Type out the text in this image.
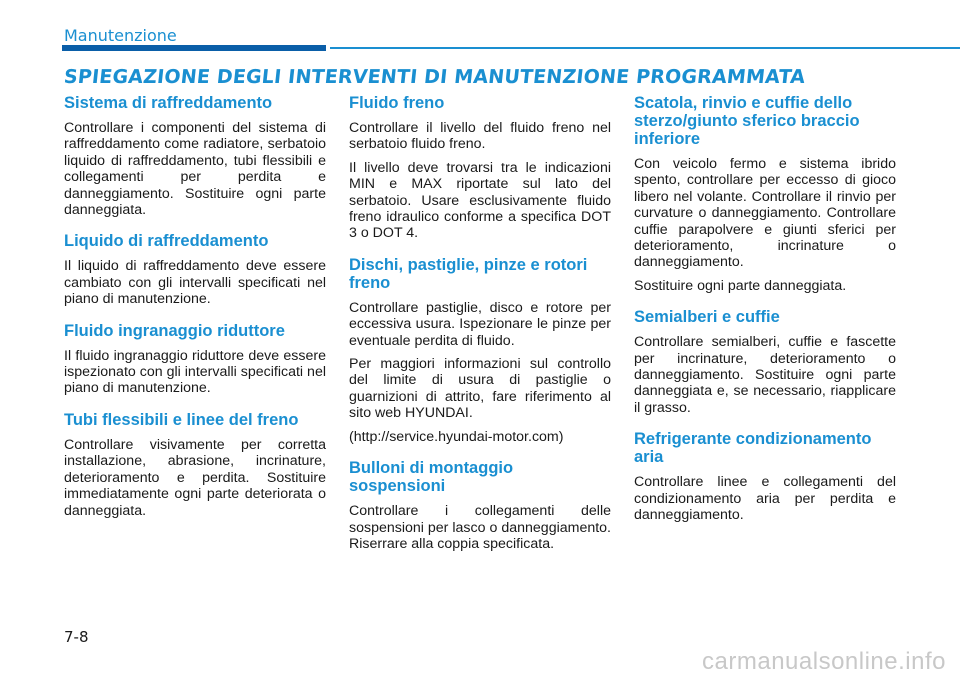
Manutenzione
SPIEGAZIONE DEGLI INTERVENTI DI MANUTENZIONE PROGRAMMATA
Sistema di raffreddamento

Controllare i componenti del sistema di raffreddamento come radiatore, serbatoio liquido di raffreddamento, tubi flessibili e collegamenti per perdita e danneggiamento. Sostituire ogni parte danneggiata.

Liquido di raffreddamento

Il liquido di raffreddamento deve essere cambiato con gli intervalli specificati nel piano di manutenzione.

Fluido ingranaggio riduttore

Il fluido ingranaggio riduttore deve essere ispezionato con gli intervalli specificati nel piano di manutenzione.

Tubi flessibili e linee del freno

Controllare visivamente per corretta installazione, abrasione, incrinature, deterioramento e perdita. Sostituire immediatamente ogni parte deteriorata o danneggiata.

Fluido freno

Controllare il livello del fluido freno nel serbatoio fluido freno.

Il livello deve trovarsi tra le indicazioni MIN e MAX riportate sul lato del serbatoio. Usare esclusivamente fluido freno idraulico conforme a specifica DOT 3 o DOT 4.

Dischi, pastiglie, pinze e rotori freno

Controllare pastiglie, disco e rotore per eccessiva usura. Ispezionare le pinze per eventuale perdita di fluido.

Per maggiori informazioni sul controllo del limite di usura di pastiglie o guarnizioni di attrito, fare riferimento al sito web HYUNDAI.

(http://service.hyundai-motor.com)

Bulloni di montaggio sospensioni

Controllare i collegamenti delle sospensioni per lasco o danneggiamento. Riserrare alla coppia specificata.

Scatola, rinvio e cuffie dello sterzo/giunto sferico braccio inferiore

Con veicolo fermo e sistema ibrido spento, controllare per eccesso di gioco libero nel volante. Controllare il rinvio per curvature o danneggiamento. Controllare cuffie parapolvere e giunti sferici per deterioramento, incrinature o danneggiamento.

Sostituire ogni parte danneggiata.

Semialberi e cuffie

Controllare semialberi, cuffie e fascette per incrinature, deterioramento o danneggiamento. Sostituire ogni parte danneggiata e, se necessario, riapplicare il grasso.

Refrigerante condizionamento aria

Controllare linee e collegamenti del condizionamento aria per perdita e danneggiamento.

7-8
carmanualsonline.info
